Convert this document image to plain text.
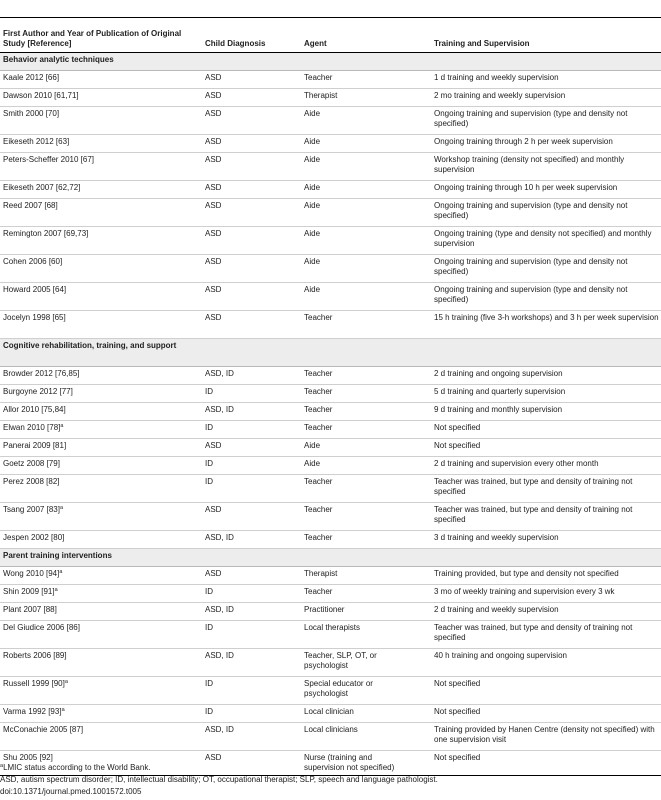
First Author and Year of Publication of Original Study [Reference]	Child Diagnosis	Agent	Training and Supervision
Behavior analytic techniques			
Kaale 2012 [66]	ASD	Teacher	1 d training and weekly supervision
Dawson 2010 [61,71]	ASD	Therapist	2 mo training and weekly supervision
Smith 2000 [70]	ASD	Aide	Ongoing training and supervision (type and density not specified)
Eikeseth 2012 [63]	ASD	Aide	Ongoing training through 2 h per week supervision
Peters-Scheffer 2010 [67]	ASD	Aide	Workshop training (density not specified) and monthly supervision
Eikeseth 2007 [62,72]	ASD	Aide	Ongoing training through 10 h per week supervision
Reed 2007 [68]	ASD	Aide	Ongoing training and supervision (type and density not specified)
Remington 2007 [69,73]	ASD	Aide	Ongoing training (type and density not specified) and monthly supervision
Cohen 2006 [60]	ASD	Aide	Ongoing training and supervision (type and density not specified)
Howard 2005 [64]	ASD	Aide	Ongoing training and supervision (type and density not specified)
Jocelyn 1998 [65]	ASD	Teacher	15 h training (five 3-h workshops) and 3 h per week supervision
Cognitive rehabilitation, training, and support			
Browder 2012 [76,85]	ASD, ID	Teacher	2 d training and ongoing supervision
Burgoyne 2012 [77]	ID	Teacher	5 d training and quarterly supervision
Allor 2010 [75,84]	ASD, ID	Teacher	9 d training and monthly supervision
Elwan 2010 $[78]^a$	ID	Teacher	Not specified
Panerai 2009 [81]	ASD	Aide	Not specified
Goetz 2008 [79]	ID	Aide	2 d training and supervision every other month
Perez 2008 [82]	ID	Teacher	Teacher was trained, but type and density of training not specified
Tsang 2007 $[83]^a$	ASD	Teacher	Teacher was trained, but type and density of training not specified
Jespen 2002 [80]	ASD, ID	Teacher	3 d training and weekly supervision
Parent training interventions			
Wong 2010 $[94]^a$	ASD	Therapist	Training provided, but type and density not specified
Shin 2009 $[91]^a$	ID	Teacher	3 mo of weekly training and supervision every 3 wk
Plant 2007 [88]	ASD, ID	Practitioner	2 d training and weekly supervision
Del Giudice 2006 [86]	ID	Local therapists	Teacher was trained, but type and density of training not specified
Roberts 2006 [89]	ASD, ID	Teacher, SLP, OT, or psychologist	40 h training and ongoing supervision
Russell 1999 $[90]^a$	ID	Special educator or psychologist	Not specified
Varma 1992 $[93]^a$	ID	Local clinician	Not specified
McConachie 2005 [87]	ASD, ID	Local clinicians	Training provided by Hanen Centre (density not specified) with one supervision visit
Shu 2005 [92]	ASD	Nurse (training and supervision not specified)	Not specified
$^a$LMIC status according to the World Bank.
ASD, autism spectrum disorder; ID, intellectual disability; OT, occupational therapist; SLP, speech and language pathologist.
doi:10.1371/journal.pmed.1001572.t005
